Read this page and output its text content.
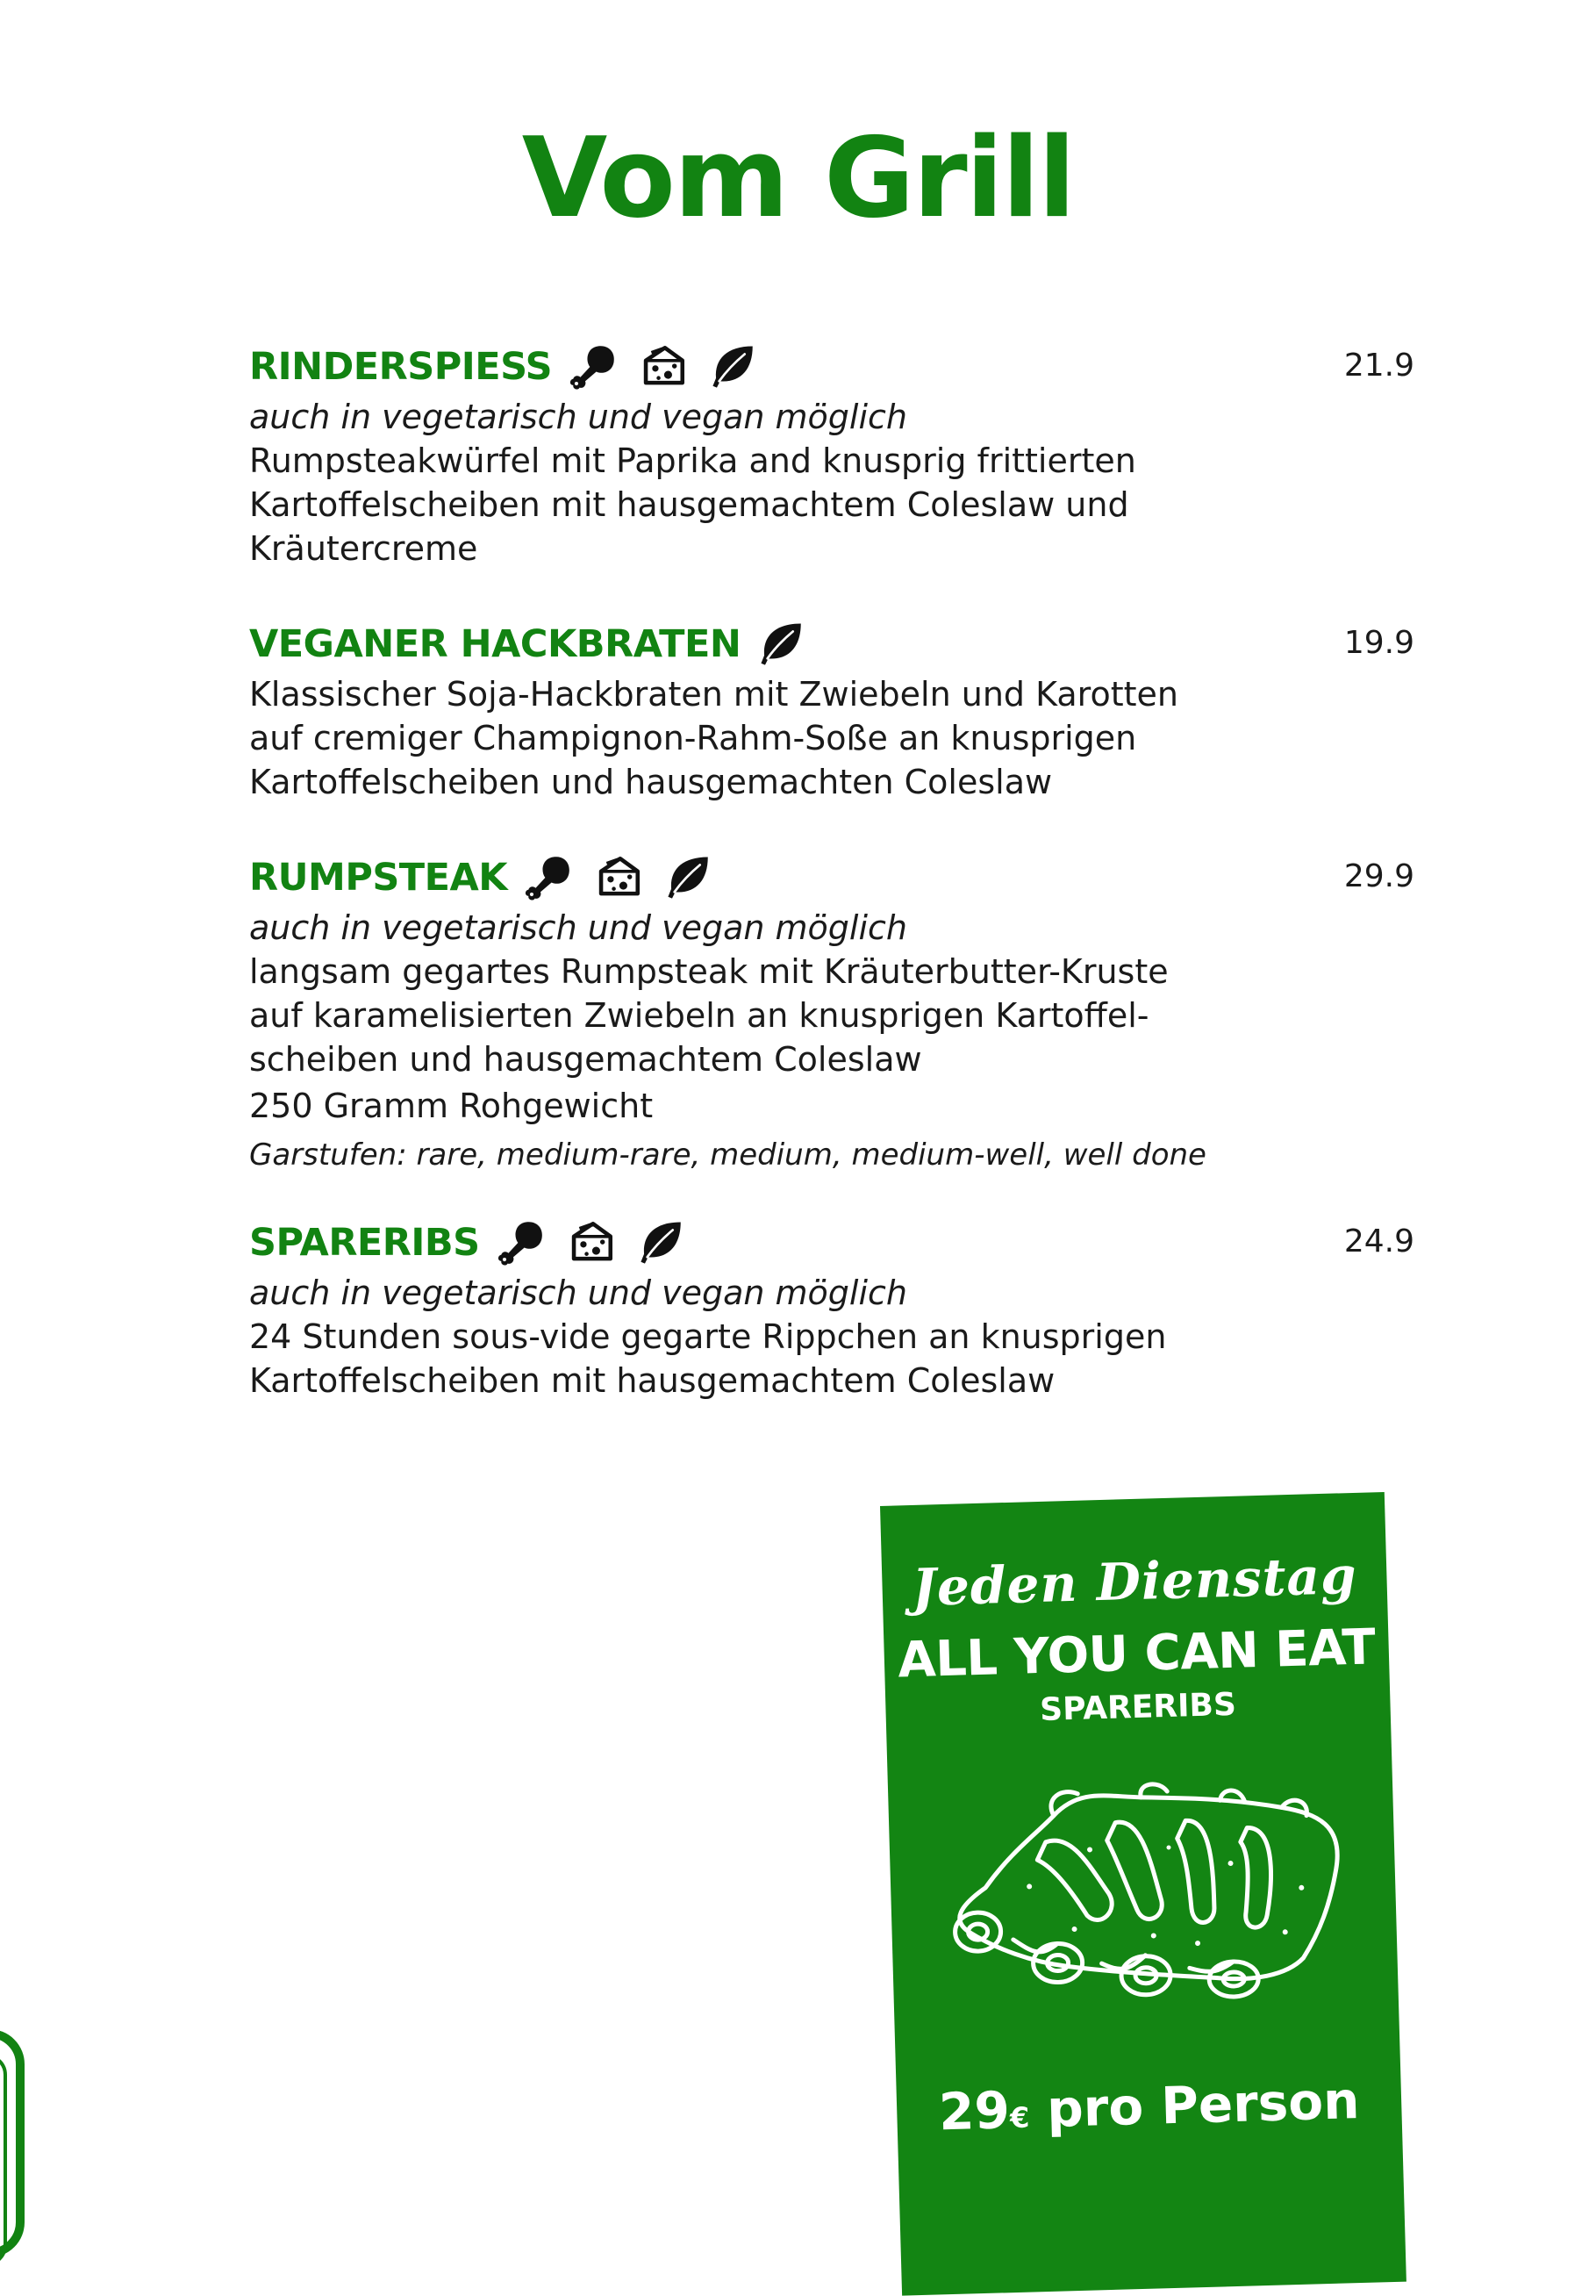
Vom Grill
RINDERSPIESS	21.9
auch in vegetarisch und vegan möglich
Rumpsteakwürfel mit Paprika and knusprig frittierten
Kartoffelscheiben mit hausgemachtem Coleslaw und
Kräutercreme
VEGANER HACKBRATEN	19.9
Klassischer Soja-Hackbraten mit Zwiebeln und Karotten
auf cremiger Champignon-Rahm-Soße an knusprigen
Kartoffelscheiben und hausgemachten Coleslaw
RUMPSTEAK	29.9
auch in vegetarisch und vegan möglich
langsam gegartes Rumpsteak mit Kräuterbutter-Kruste
auf karamelisierten Zwiebeln an knusprigen Kartoffel-
scheiben und hausgemachtem Coleslaw
250 Gramm Rohgewicht
Garstufen: rare, medium-rare, medium, medium-well, well done
SPARERIBS	24.9
auch in vegetarisch und vegan möglich
24 Stunden sous-vide gegarte Rippchen an knusprigen
Kartoffelscheiben mit hausgemachtem Coleslaw
Jeden Dienstag
ALL YOU CAN EAT
SPARERIBS
29€ pro Person
